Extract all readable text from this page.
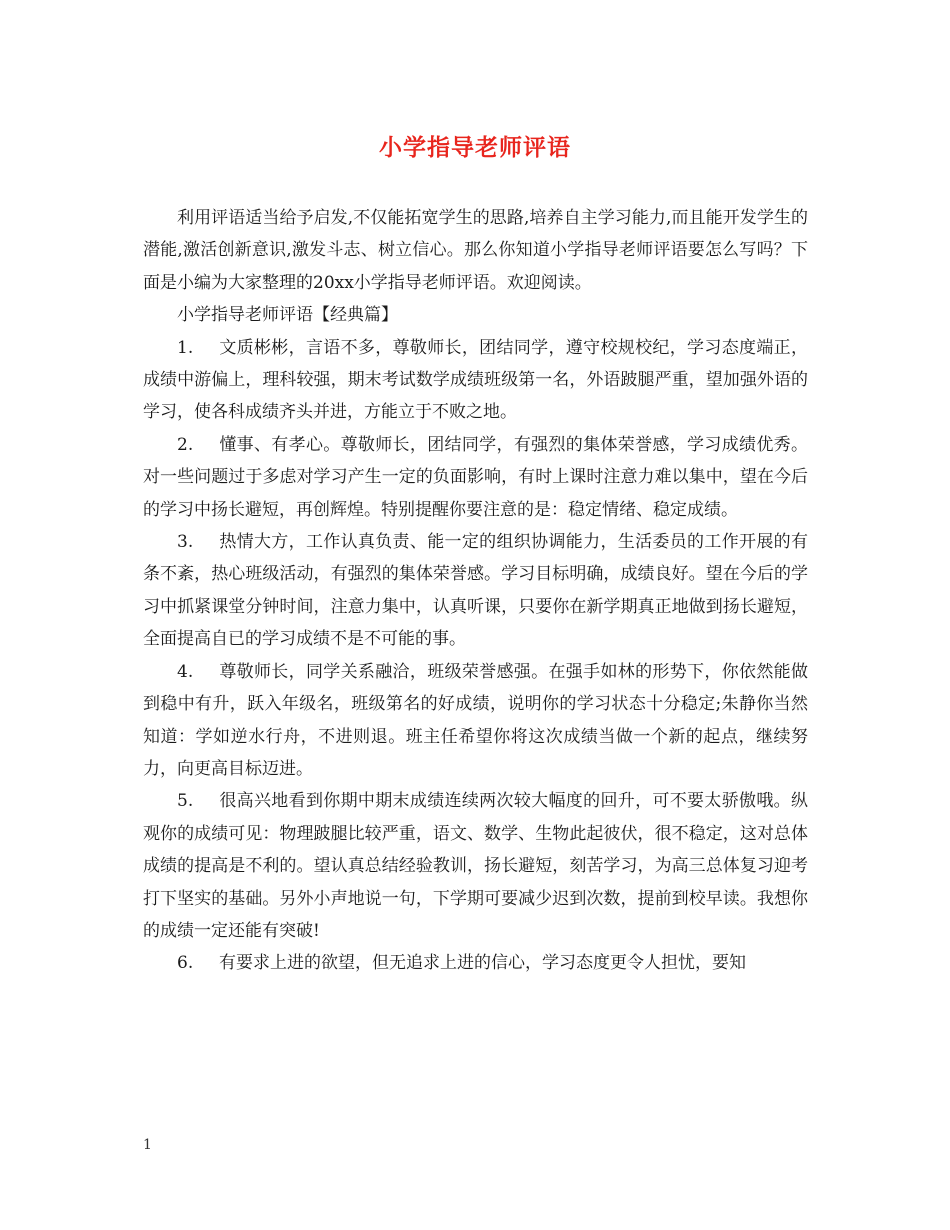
小学指导老师评语

利用评语适当给予启发,不仅能拓宽学生的思路,培养自主学习能力,而且能开发学生的潜能,激活创新意识,激发斗志、树立信心。那么你知道小学指导老师评语要怎么写吗？下面是小编为大家整理的20xx小学指导老师评语。欢迎阅读。

小学指导老师评语【经典篇】

1. 文质彬彬，言语不多，尊敬师长，团结同学，遵守校规校纪，学习态度端正，成绩中游偏上，理科较强，期末考试数学成绩班级第一名，外语跛腿严重，望加强外语的学习，使各科成绩齐头并进，方能立于不败之地。

2. 懂事、有孝心。尊敬师长，团结同学，有强烈的集体荣誉感，学习成绩优秀。对一些问题过于多虑对学习产生一定的负面影响，有时上课时注意力难以集中，望在今后的学习中扬长避短，再创辉煌。特别提醒你要注意的是：稳定情绪、稳定成绩。

3. 热情大方，工作认真负责、能一定的组织协调能力，生活委员的工作开展的有条不紊，热心班级活动，有强烈的集体荣誉感。学习目标明确，成绩良好。望在今后的学习中抓紧课堂分钟时间，注意力集中，认真听课，只要你在新学期真正地做到扬长避短，全面提高自已的学习成绩不是不可能的事。

4. 尊敬师长，同学关系融洽，班级荣誉感强。在强手如林的形势下，你依然能做到稳中有升，跃入年级名，班级第名的好成绩，说明你的学习状态十分稳定;朱静你当然知道：学如逆水行舟，不进则退。班主任希望你将这次成绩当做一个新的起点，继续努力，向更高目标迈进。

5. 很高兴地看到你期中期末成绩连续两次较大幅度的回升，可不要太骄傲哦。纵观你的成绩可见：物理跛腿比较严重，语文、数学、生物此起彼伏，很不稳定，这对总体成绩的提高是不利的。望认真总结经验教训，扬长避短，刻苦学习，为高三总体复习迎考打下坚实的基础。另外小声地说一句，下学期可要减少迟到次数，提前到校早读。我想你的成绩一定还能有突破!

6. 有要求上进的欲望，但无追求上进的信心，学习态度更令人担忧，要知

1
